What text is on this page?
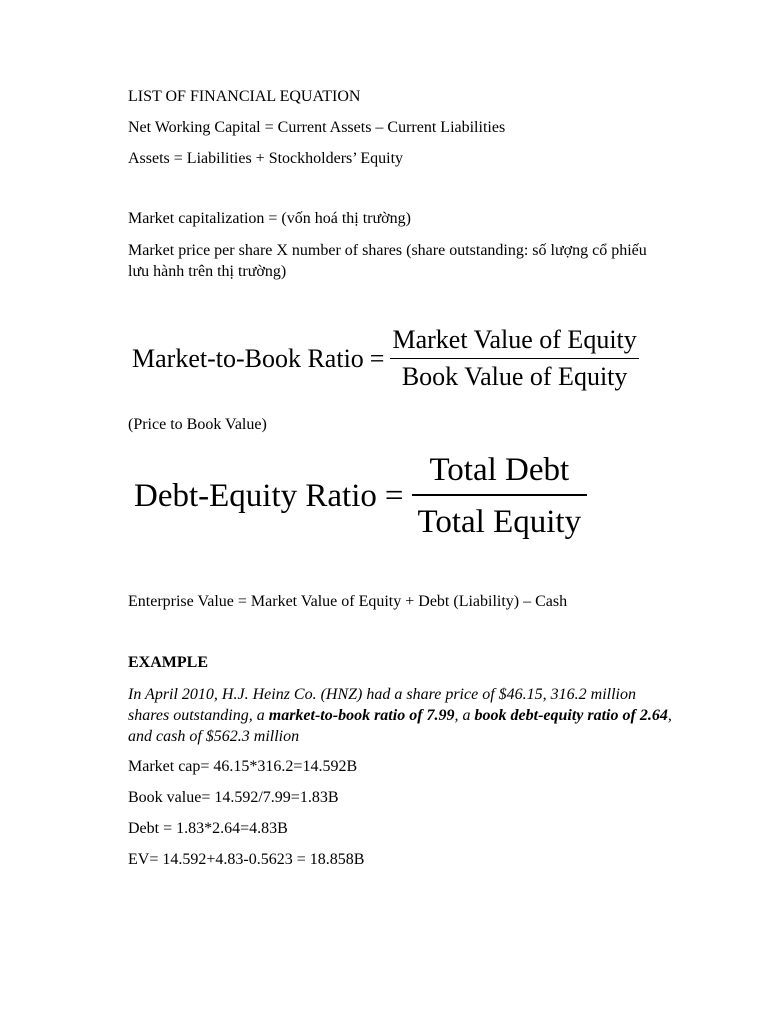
LIST OF FINANCIAL EQUATION
Net Working Capital = Current Assets – Current Liabilities
Assets = Liabilities + Stockholders’ Equity
Market capitalization = (vốn hoá thị trường)
Market price per share X number of shares (share outstanding: số lượng cổ phiếu lưu hành trên thị trường)
Market-to-Book Ratio = $\frac{\text{Market Value of Equity}}{\text{Book Value of Equity}}$
(Price to Book Value)
Debt-Equity Ratio = $\frac{\text{Total Debt}}{\text{Total Equity}}$
Enterprise Value = Market Value of Equity + Debt (Liability) – Cash
EXAMPLE
In April 2010, H.J. Heinz Co. (HNZ) had a share price of $46.15, 316.2 million shares outstanding, a market-to-book ratio of 7.99, a book debt-equity ratio of 2.64, and cash of $562.3 million
Market cap= 46.15*316.2=14.592B
Book value= 14.592/7.99=1.83B
Debt = 1.83*2.64=4.83B
EV= 14.592+4.83-0.5623 = 18.858B
